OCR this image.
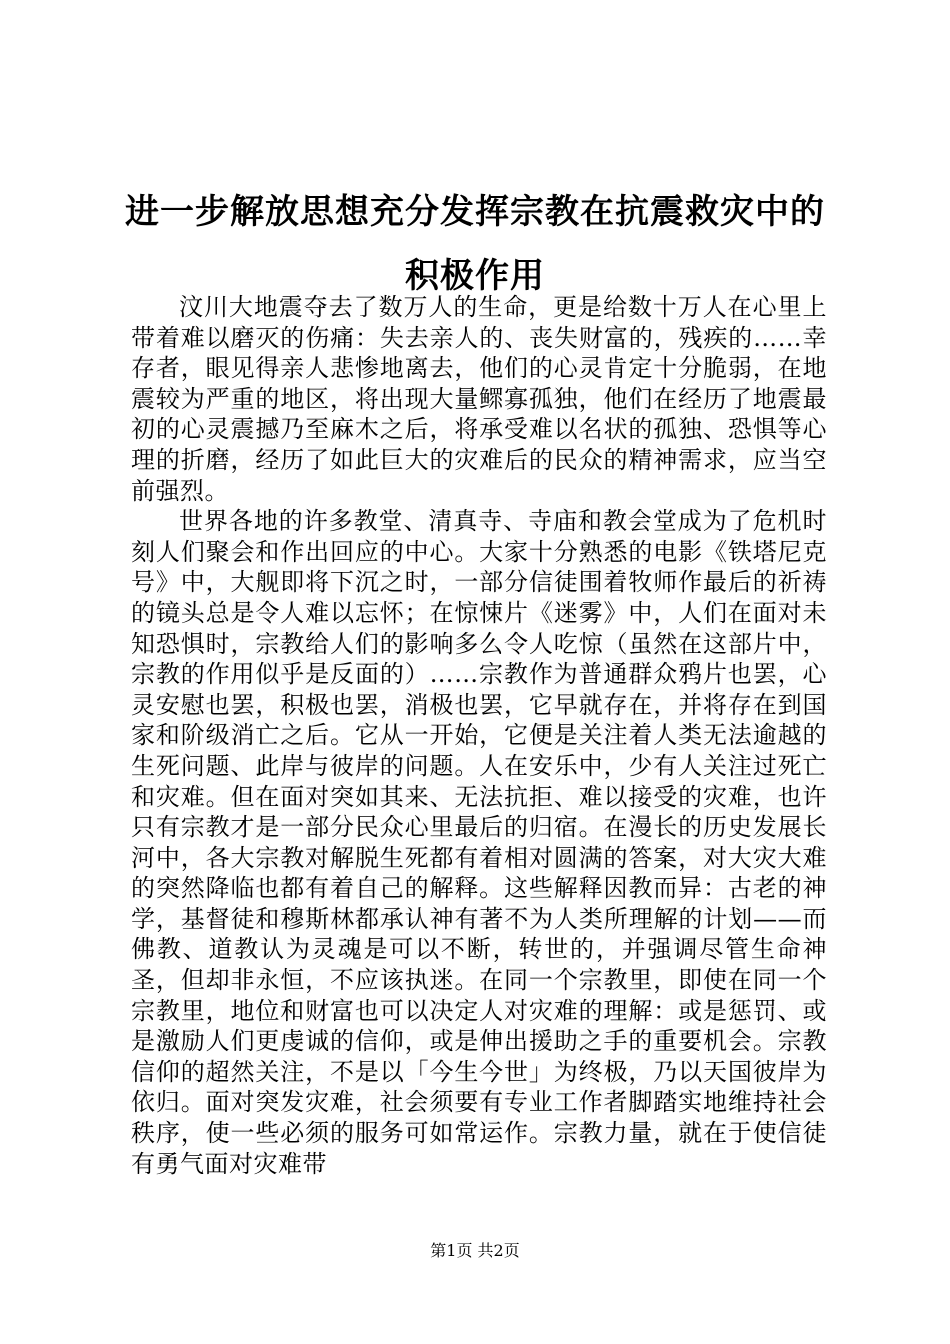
进一步解放思想充分发挥宗教在抗震救灾中的积极作用

汶川大地震夺去了数万人的生命，更是给数十万人在心里上带着难以磨灭的伤痛：失去亲人的、丧失财富的，残疾的……幸存者，眼见得亲人悲惨地离去，他们的心灵肯定十分脆弱，在地震较为严重的地区，将出现大量鳏寡孤独，他们在经历了地震最初的心灵震撼乃至麻木之后，将承受难以名状的孤独、恐惧等心理的折磨，经历了如此巨大的灾难后的民众的精神需求，应当空前强烈。

世界各地的许多教堂、清真寺、寺庙和教会堂成为了危机时刻人们聚会和作出回应的中心。大家十分熟悉的电影《铁塔尼克号》中，大舰即将下沉之时，一部分信徒围着牧师作最后的祈祷的镜头总是令人难以忘怀；在惊悚片《迷雾》中，人们在面对未知恐惧时，宗教给人们的影响多么令人吃惊（虽然在这部片中，宗教的作用似乎是反面的）……宗教作为普通群众鸦片也罢，心灵安慰也罢，积极也罢，消极也罢，它早就存在，并将存在到国家和阶级消亡之后。它从一开始，它便是关注着人类无法逾越的生死问题、此岸与彼岸的问题。人在安乐中，少有人关注过死亡和灾难。但在面对突如其来、无法抗拒、难以接受的灾难，也许只有宗教才是一部分民众心里最后的归宿。在漫长的历史发展长河中，各大宗教对解脱生死都有着相对圆满的答案，对大灾大难的突然降临也都有着自己的解释。这些解释因教而异：古老的神学，基督徒和穆斯林都承认神有著不为人类所理解的计划——而佛教、道教认为灵魂是可以不断，转世的，并强调尽管生命神圣，但却非永恒，不应该执迷。在同一个宗教里，即使在同一个宗教里，地位和财富也可以决定人对灾难的理解：或是惩罚、或是激励人们更虔诚的信仰，或是伸出援助之手的重要机会。宗教信仰的超然关注，不是以「今生今世」为终极，乃以天国彼岸为依归。面对突发灾难，社会须要有专业工作者脚踏实地维持社会秩序，使一些必须的服务可如常运作。宗教力量，就在于使信徒有勇气面对灾难带

第1页 共2页
